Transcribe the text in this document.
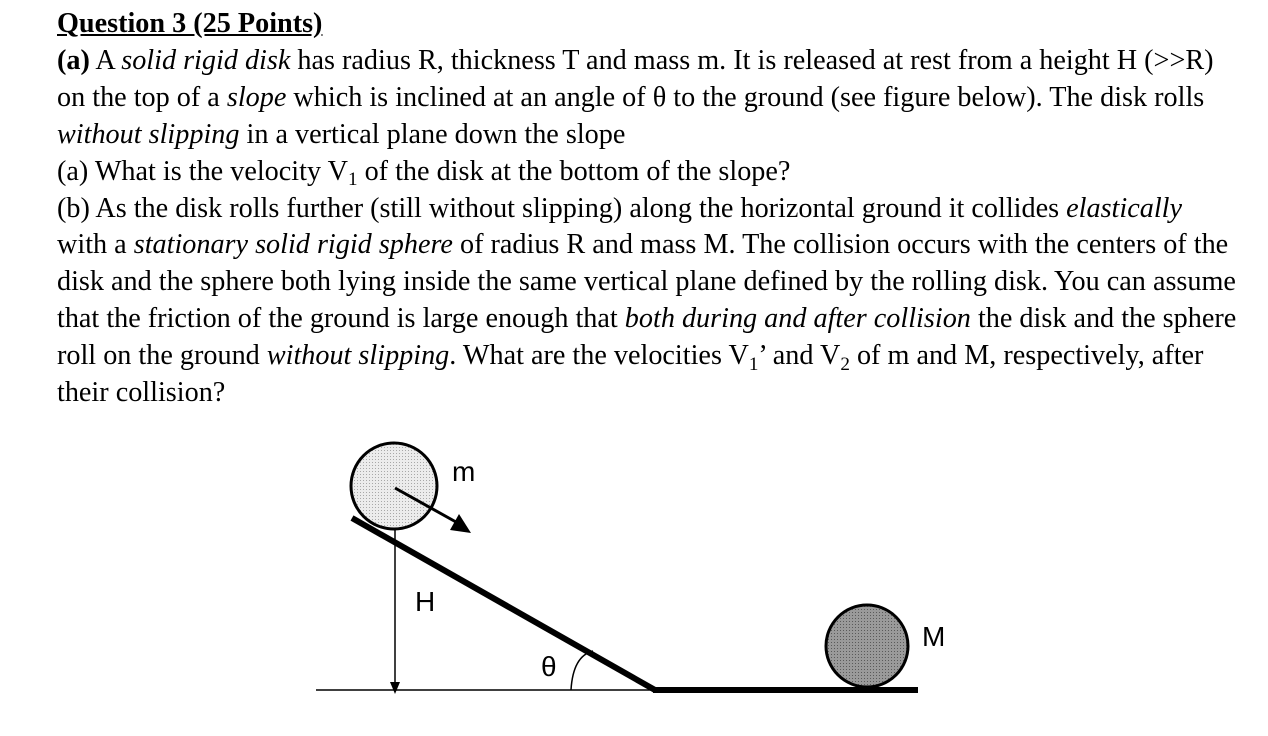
Question 3 (25 Points)

(a) A solid rigid disk has radius R, thickness T and mass m. It is released at rest from a height H (>>R) on the top of a slope which is inclined at an angle of θ to the ground (see figure below). The disk rolls without slipping in a vertical plane down the slope

(a) What is the velocity $V_1$ of the disk at the bottom of the slope?

(b) As the disk rolls further (still without slipping) along the horizontal ground it collides elastically with a stationary solid rigid sphere of radius R and mass M. The collision occurs with the centers of the disk and the sphere both lying inside the same vertical plane defined by the rolling disk. You can assume that the friction of the ground is large enough that both during and after collision the disk and the sphere roll on the ground without slipping. What are the velocities $V_1$’ and $V_2$ of m and M, respectively, after their collision?

m
H
θ
M
